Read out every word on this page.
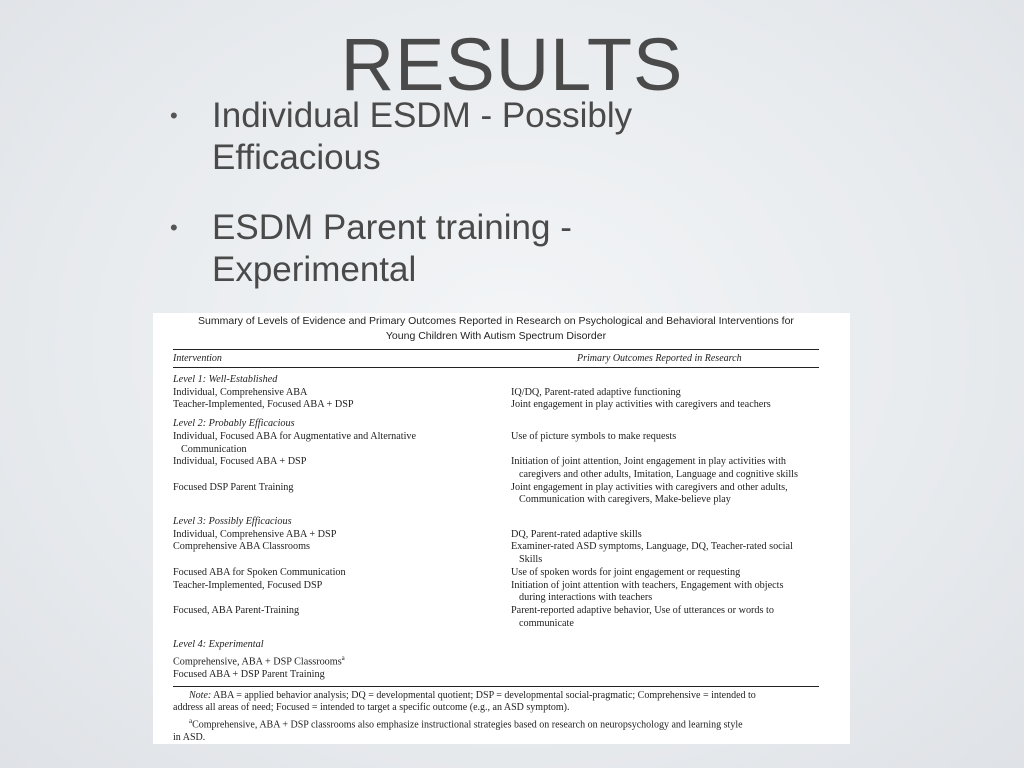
RESULTS
• Individual ESDM - Possibly
Efficacious
• ESDM Parent training -
Experimental
Summary of Levels of Evidence and Primary Outcomes Reported in Research on Psychological and Behavioral Interventions for
Young Children With Autism Spectrum Disorder
Intervention	Primary Outcomes Reported in Research
Level 1: Well-Established
Individual, Comprehensive ABA	IQ/DQ, Parent-rated adaptive functioning
Teacher-Implemented, Focused ABA + DSP	Joint engagement in play activities with caregivers and teachers
Level 2: Probably Efficacious
Individual, Focused ABA for Augmentative and Alternative	Use of picture symbols to make requests
Communication
Individual, Focused ABA + DSP	Initiation of joint attention, Joint engagement in play activities with
caregivers and other adults, Imitation, Language and cognitive skills
Focused DSP Parent Training	Joint engagement in play activities with caregivers and other adults,
Communication with caregivers, Make-believe play
Level 3: Possibly Efficacious
Individual, Comprehensive ABA + DSP	DQ, Parent-rated adaptive skills
Comprehensive ABA Classrooms	Examiner-rated ASD symptoms, Language, DQ, Teacher-rated social
Skills
Focused ABA for Spoken Communication	Use of spoken words for joint engagement or requesting
Teacher-Implemented, Focused DSP	Initiation of joint attention with teachers, Engagement with objects
during interactions with teachers
Focused, ABA Parent-Training	Parent-reported adaptive behavior, Use of utterances or words to
communicate
Level 4: Experimental
Comprehensive, ABA + DSP Classrooms$^a$
Focused ABA + DSP Parent Training
Note: ABA = applied behavior analysis; DQ = developmental quotient; DSP = developmental social-pragmatic; Comprehensive = intended to
address all areas of need; Focused = intended to target a specific outcome (e.g., an ASD symptom).
$^a$Comprehensive, ABA + DSP classrooms also emphasize instructional strategies based on research on neuropsychology and learning style
in ASD.
